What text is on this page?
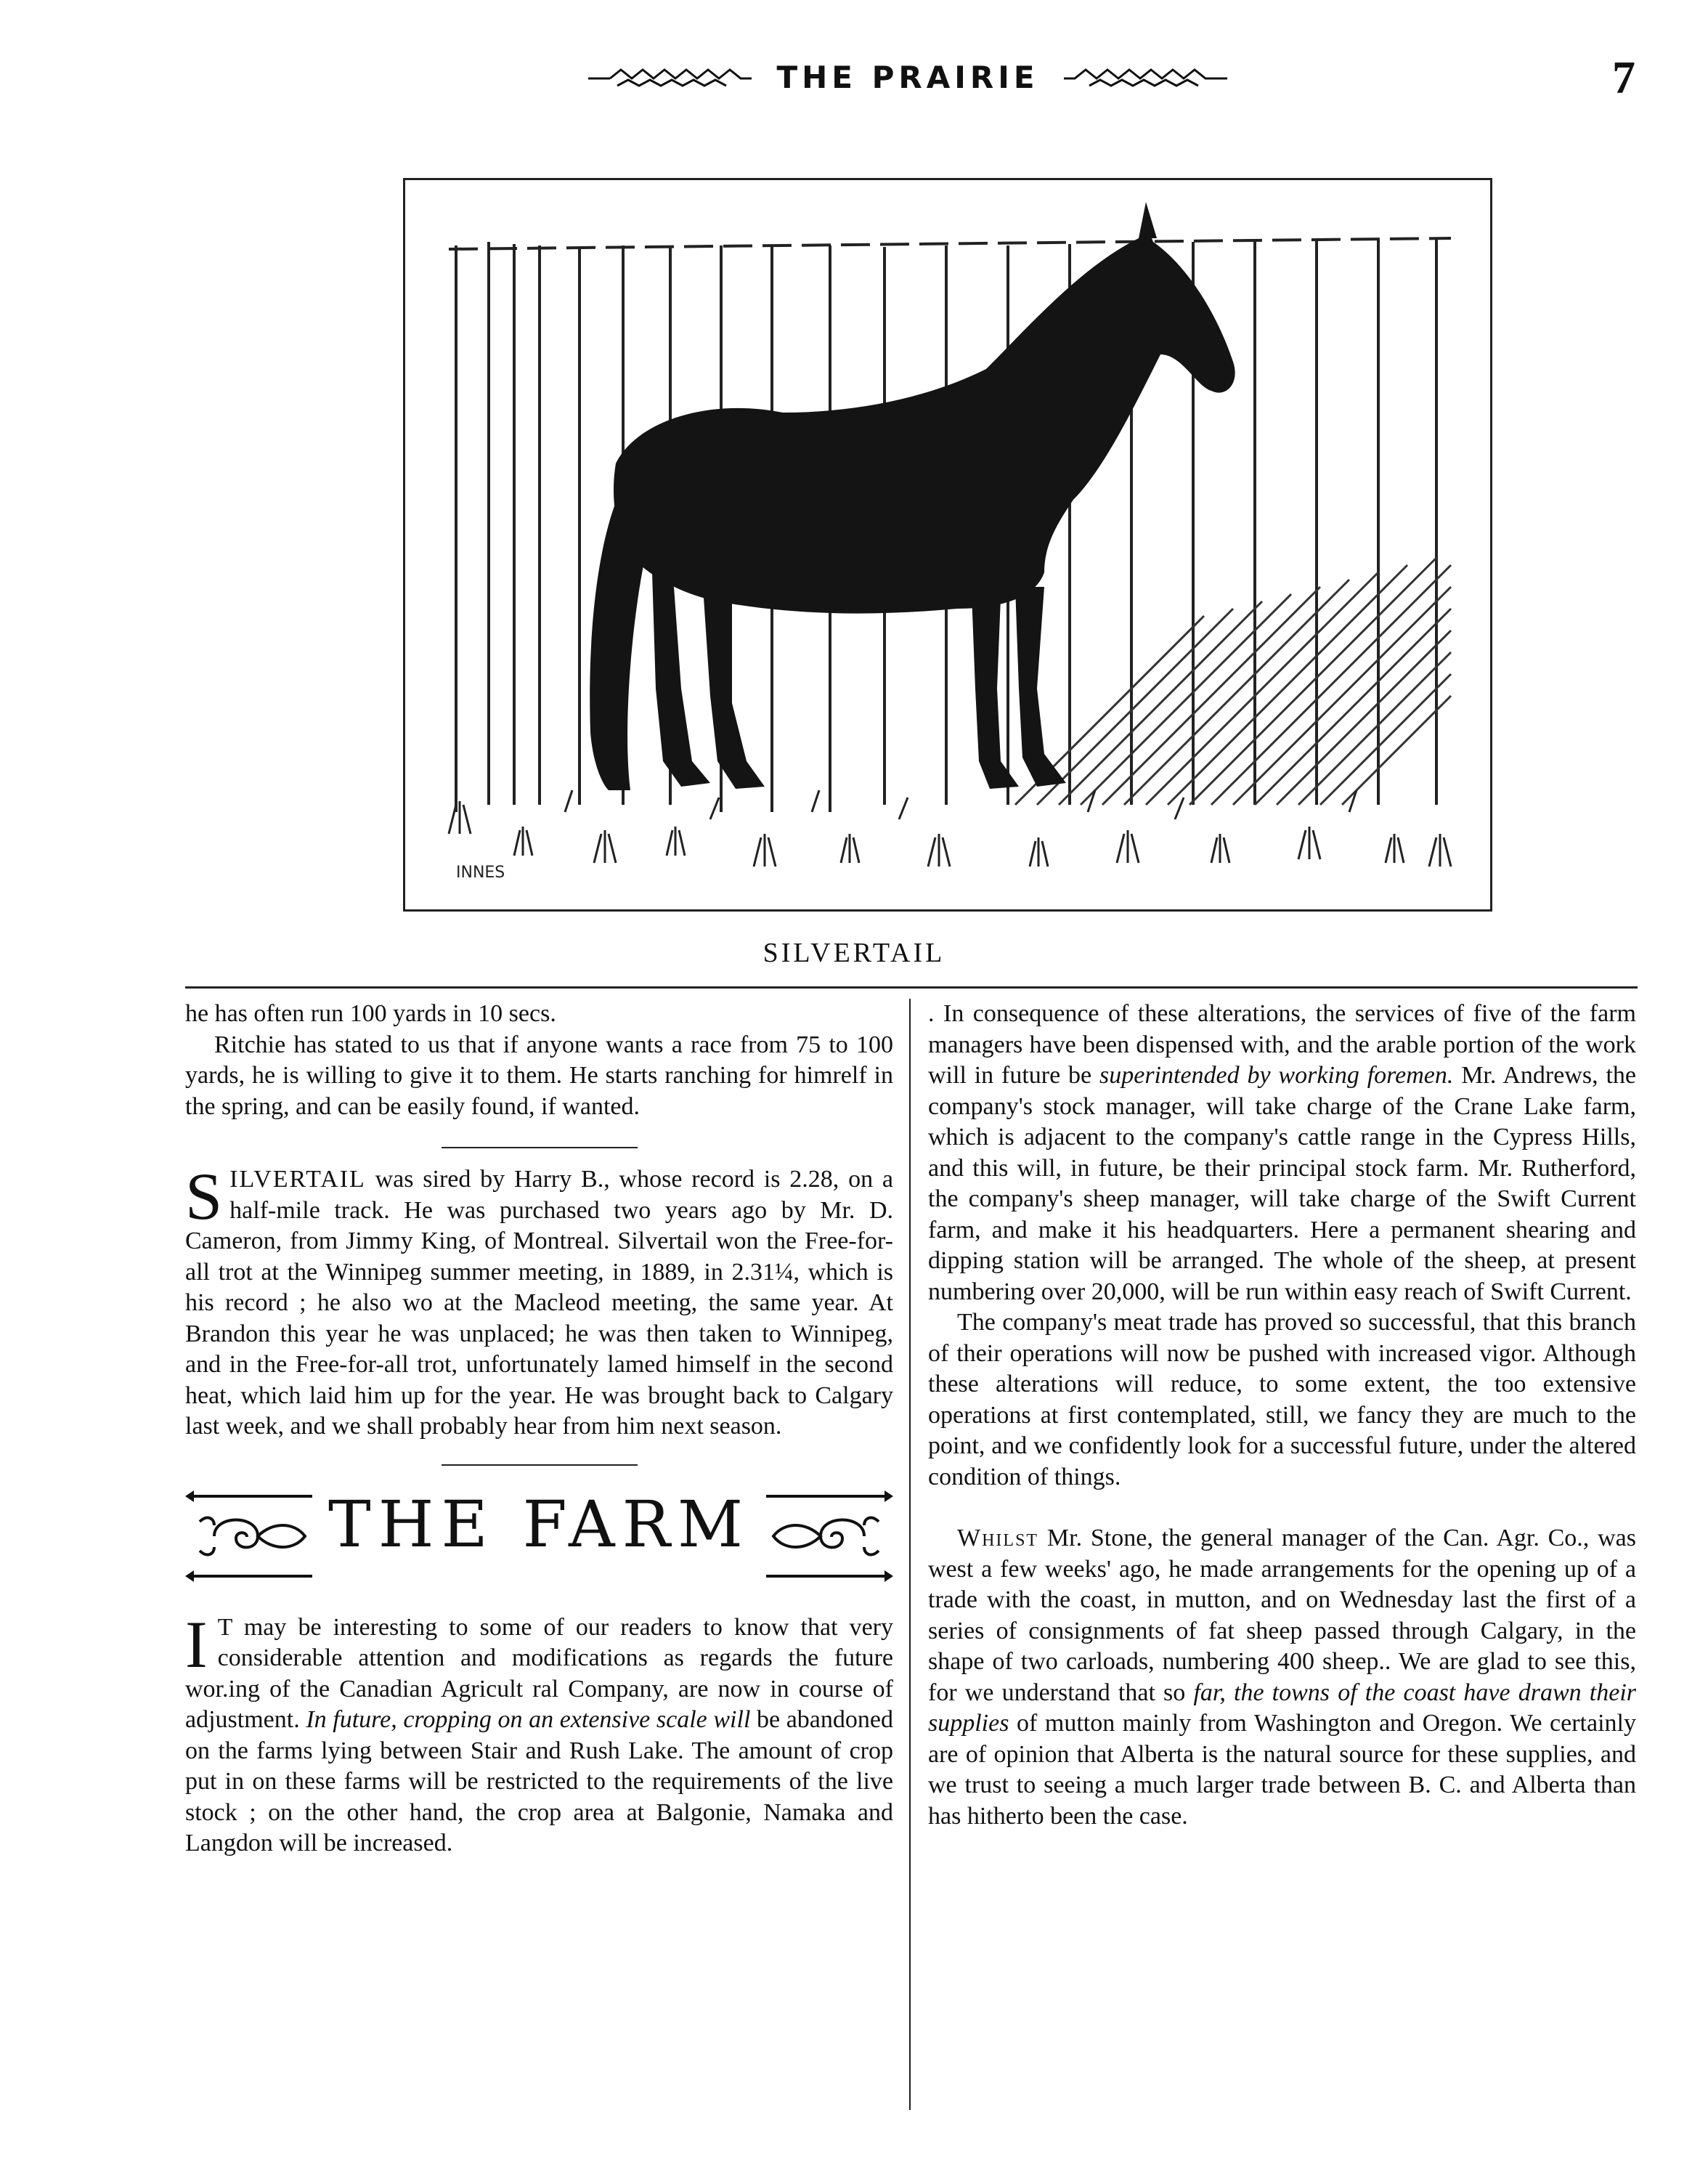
THE PRAIRIE	7
INNES
SILVERTAIL

he has often run 100 yards in 10 secs.

Ritchie has stated to us that if anyone wants a race from 75 to 100 yards, he is willing to give it to them. He starts ranching for himrelf in the spring, and can be easily found, if wanted.

SILVERTAIL was sired by Harry B., whose record is 2.28, on a half-mile track. He was purchased two years ago by Mr. D. Cameron, from Jimmy King, of Montreal. Silvertail won the Free-for-all trot at the Winnipeg summer meeting, in 1889, in 2.31¼, which is his record ; he also wo at the Macleod meeting, the same year. At Brandon this year he was unplaced; he was then taken to Winnipeg, and in the Free-for-all trot, unfortunately lamed himself in the second heat, which laid him up for the year. He was brought back to Calgary last week, and we shall probably hear from him next season.

THE FARM

I T may be interesting to some of our readers to know that very considerable attention and modifications as regards the future wor.ing of the Canadian Agricult ral Company, are now in course of adjustment. In future, cropping on an extensive scale will be abandoned on the farms lying between Stair and Rush Lake. The amount of crop put in on these farms will be restricted to the requirements of the live stock ; on the other hand, the crop area at Balgonie, Namaka and Langdon will be increased.

. In consequence of these alterations, the services of five of the farm managers have been dispensed with, and the arable portion of the work will in future be superintended by working foremen. Mr. Andrews, the company's stock manager, will take charge of the Crane Lake farm, which is adjacent to the company's cattle range in the Cypress Hills, and this will, in future, be their principal stock farm. Mr. Rutherford, the company's sheep manager, will take charge of the Swift Current farm, and make it his headquarters. Here a permanent shearing and dipping station will be arranged. The whole of the sheep, at present numbering over 20,000, will be run within easy reach of Swift Current.

The company's meat trade has proved so successful, that this branch of their operations will now be pushed with increased vigor. Although these alterations will reduce, to some extent, the too extensive operations at first contemplated, still, we fancy they are much to the point, and we confidently look for a successful future, under the altered condition of things.

Whilst Mr. Stone, the general manager of the Can. Agr. Co., was west a few weeks' ago, he made arrangements for the opening up of a trade with the coast, in mutton, and on Wednesday last the first of a series of consignments of fat sheep passed through Calgary, in the shape of two carloads, numbering 400 sheep.. We are glad to see this, for we understand that so far, the towns of the coast have drawn their supplies of mutton mainly from Washington and Oregon. We certainly are of opinion that Alberta is the natural source for these supplies, and we trust to seeing a much larger trade between B. C. and Alberta than has hitherto been the case.
